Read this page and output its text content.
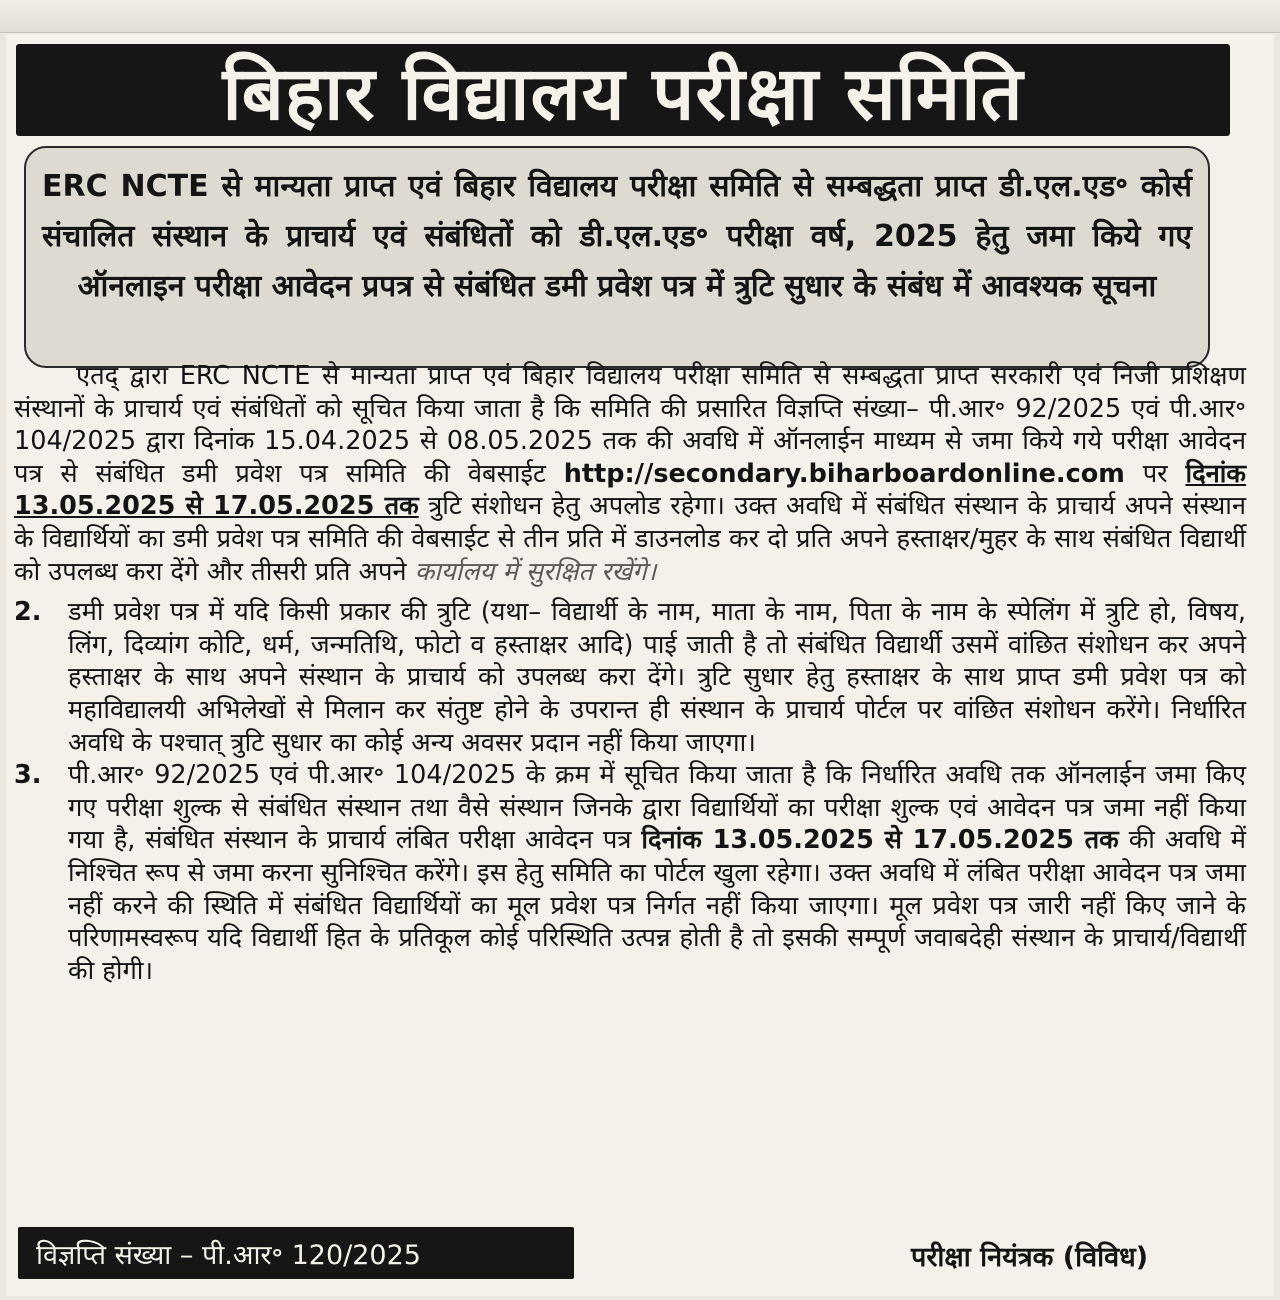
बिहार विद्यालय परीक्षा समिति
ERC NCTE से मान्यता प्राप्त एवं बिहार विद्यालय परीक्षा समिति से सम्बद्धता प्राप्त डी.एल.एड॰ कोर्स संचालित संस्थान के प्राचार्य एवं संबंधितों को डी.एल.एड॰ परीक्षा वर्ष, 2025 हेतु जमा किये गए ऑनलाइन परीक्षा आवेदन प्रपत्र से संबंधित डमी प्रवेश पत्र में त्रुटि सुधार के संबंध में आवश्यक सूचना

एतद् द्वारा ERC NCTE से मान्यता प्राप्त एवं बिहार विद्यालय परीक्षा समिति से सम्बद्धता प्राप्त सरकारी एवं निजी प्रशिक्षण संस्थानों के प्राचार्य एवं संबंधितों को सूचित किया जाता है कि समिति की प्रसारित विज्ञप्ति संख्या– पी.आर॰ 92/2025 एवं पी.आर॰ 104/2025 द्वारा दिनांक 15.04.2025 से 08.05.2025 तक की अवधि में ऑनलाईन माध्यम से जमा किये गये परीक्षा आवेदन पत्र से संबंधित डमी प्रवेश पत्र समिति की वेबसाईट http://secondary.biharboardonline.com पर दिनांक 13.05.2025 से 17.05.2025 तक त्रुटि संशोधन हेतु अपलोड रहेगा। उक्त अवधि में संबंधित संस्थान के प्राचार्य अपने संस्थान के विद्यार्थियों का डमी प्रवेश पत्र समिति की वेबसाईट से तीन प्रति में डाउनलोड कर दो प्रति अपने हस्ताक्षर/मुहर के साथ संबंधित विद्यार्थी को उपलब्ध करा देंगे और तीसरी प्रति अपने कार्यालय में सुरक्षित रखेंगे।

2.	डमी प्रवेश पत्र में यदि किसी प्रकार की त्रुटि (यथा– विद्यार्थी के नाम, माता के नाम, पिता के नाम के स्पेलिंग में त्रुटि हो, विषय, लिंग, दिव्यांग कोटि, धर्म, जन्मतिथि, फोटो व हस्ताक्षर आदि) पाई जाती है तो संबंधित विद्यार्थी उसमें वांछित संशोधन कर अपने हस्ताक्षर के साथ अपने संस्थान के प्राचार्य को उपलब्ध करा देंगे। त्रुटि सुधार हेतु हस्ताक्षर के साथ प्राप्त डमी प्रवेश पत्र को महाविद्यालयी अभिलेखों से मिलान कर संतुष्ट होने के उपरान्त ही संस्थान के प्राचार्य पोर्टल पर वांछित संशोधन करेंगे। निर्धारित अवधि के पश्चात् त्रुटि सुधार का कोई अन्य अवसर प्रदान नहीं किया जाएगा।
3.	पी.आर॰ 92/2025 एवं पी.आर॰ 104/2025 के क्रम में सूचित किया जाता है कि निर्धारित अवधि तक ऑनलाईन जमा किए गए परीक्षा शुल्क से संबंधित संस्थान तथा वैसे संस्थान जिनके द्वारा विद्यार्थियों का परीक्षा शुल्क एवं आवेदन पत्र जमा नहीं किया गया है, संबंधित संस्थान के प्राचार्य लंबित परीक्षा आवेदन पत्र दिनांक 13.05.2025 से 17.05.2025 तक की अवधि में निश्चित रूप से जमा करना सुनिश्चित करेंगे। इस हेतु समिति का पोर्टल खुला रहेगा। उक्त अवधि में लंबित परीक्षा आवेदन पत्र जमा नहीं करने की स्थिति में संबंधित विद्यार्थियों का मूल प्रवेश पत्र निर्गत नहीं किया जाएगा। मूल प्रवेश पत्र जारी नहीं किए जाने के परिणामस्वरूप यदि विद्यार्थी हित के प्रतिकूल कोई परिस्थिति उत्पन्न होती है तो इसकी सम्पूर्ण जवाबदेही संस्थान के प्राचार्य/विद्यार्थी की होगी।
विज्ञप्ति संख्या – पी.आर॰ 120/2025	परीक्षा नियंत्रक (विविध)
